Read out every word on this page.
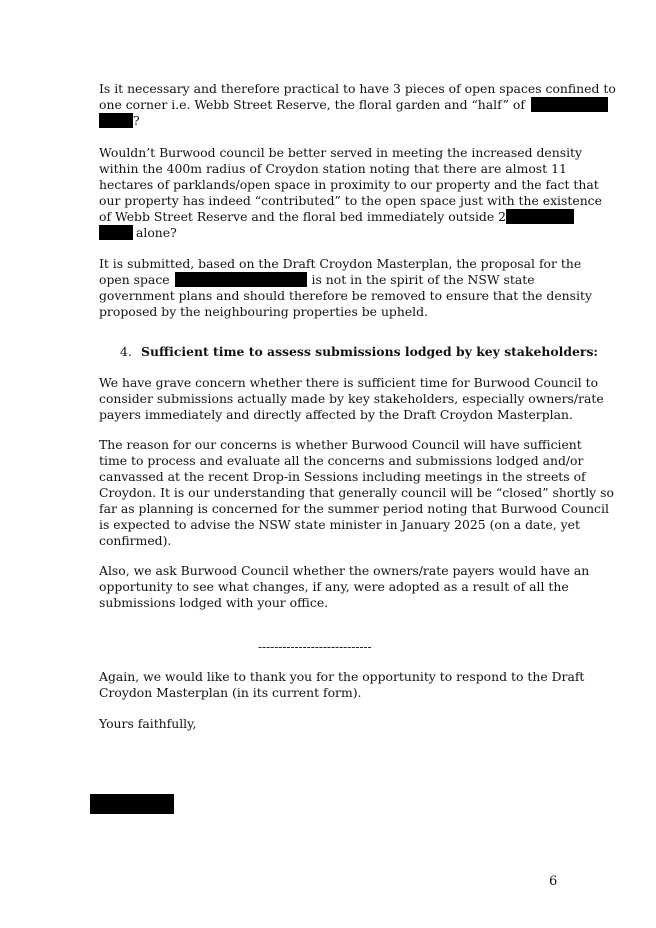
Is it necessary and therefore practical to have 3 pieces of open spaces confined to
one corner i.e. Webb Street Reserve, the floral garden and “half” of
?
Wouldn’t Burwood council be better served in meeting the increased density
within the 400m radius of Croydon station noting that there are almost 11
hectares of parklands/open space in proximity to our property and the fact that
our property has indeed “contributed” to the open space just with the existence
of Webb Street Reserve and the floral bed immediately outside 2
alone?
It is submitted, based on the Draft Croydon Masterplan, the proposal for the
open space	is not in the spirit of the NSW state
government plans and should therefore be removed to ensure that the density
proposed by the neighbouring properties be upheld.
4. Sufficient time to assess submissions lodged by key stakeholders:
We have grave concern whether there is sufficient time for Burwood Council to
consider submissions actually made by key stakeholders, especially owners/rate
payers immediately and directly affected by the Draft Croydon Masterplan.
The reason for our concerns is whether Burwood Council will have sufficient
time to process and evaluate all the concerns and submissions lodged and/or
canvassed at the recent Drop-in Sessions including meetings in the streets of
Croydon. It is our understanding that generally council will be “closed” shortly so
far as planning is concerned for the summer period noting that Burwood Council
is expected to advise the NSW state minister in January 2025 (on a date, yet
confirmed).
Also, we ask Burwood Council whether the owners/rate payers would have an
opportunity to see what changes, if any, were adopted as a result of all the
submissions lodged with your office.
----------------------------
Again, we would like to thank you for the opportunity to respond to the Draft
Croydon Masterplan (in its current form).
Yours faithfully,
6
